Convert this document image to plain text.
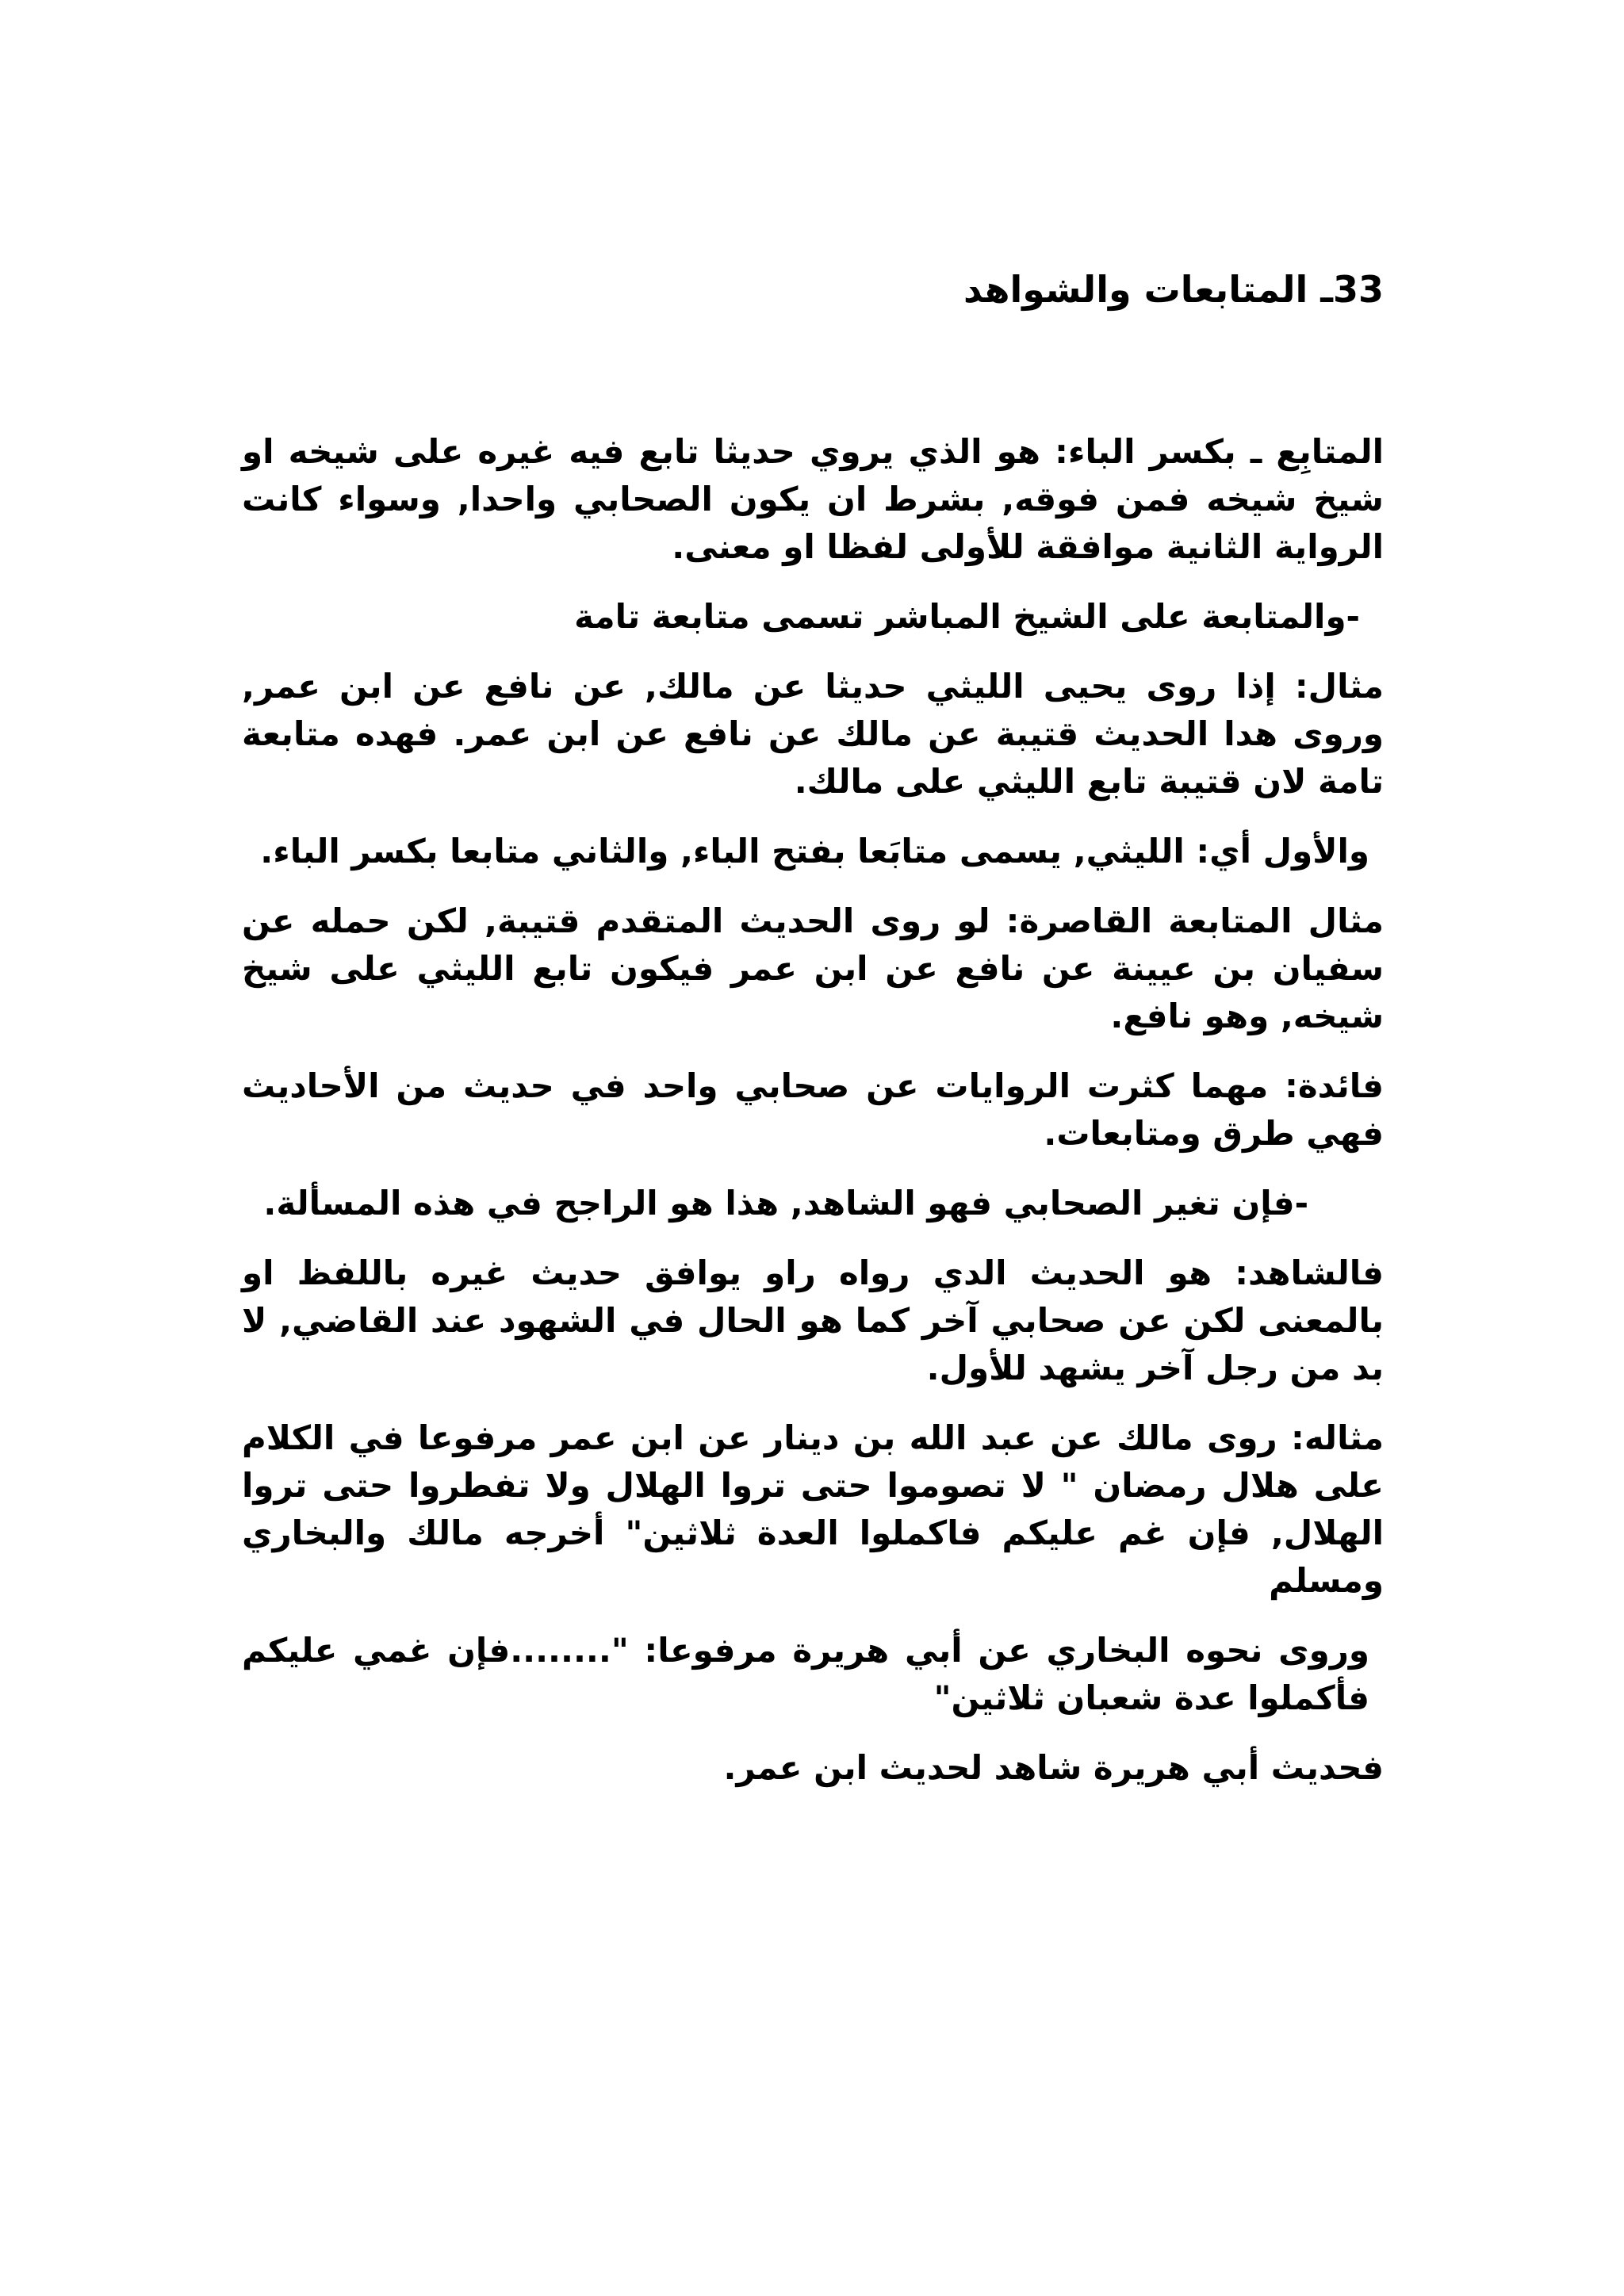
33ـ المتابعات والشواهد

المتابِع ـ بكسر الباء: هو الذي يروي حديثا تابع فيه غيره على شيخه او شيخ شيخه فمن فوقه, بشرط ان يكون الصحابي واحدا, وسواء كانت الرواية الثانية موافقة للأولى لفظا او معنى.

-والمتابعة على الشيخ المباشر تسمى متابعة تامة

مثال: إذا روى يحيى الليثي حديثا عن مالك, عن نافع عن ابن عمر, وروى هدا الحديث قتيبة عن مالك عن نافع عن ابن عمر. فهده متابعة تامة لان قتيبة تابع الليثي على مالك.

والأول أي: الليثي, يسمى متابَعا بفتح الباء, والثاني متابعا بكسر الباء.

مثال المتابعة القاصرة: لو روى الحديث المتقدم قتيبة, لكن حمله عن سفيان بن عيينة عن نافع عن ابن عمر فيكون تابع الليثي على شيخ شيخه, وهو نافع.

فائدة: مهما كثرت الروايات عن صحابي واحد في حديث من الأحاديث فهي طرق ومتابعات.

-فإن تغير الصحابي فهو الشاهد, هذا هو الراجح في هذه المسألة.

فالشاهد: هو الحديث الدي رواه راو يوافق حديث غيره باللفظ او بالمعنى لكن عن صحابي آخر كما هو الحال في الشهود عند القاضي, لا بد من رجل آخر يشهد للأول.

مثاله: روى مالك عن عبد الله بن دينار عن ابن عمر مرفوعا في الكلام على هلال رمضان " لا تصوموا حتى تروا الهلال ولا تفطروا حتى تروا الهلال, فإن غم عليكم فاكملوا العدة ثلاثين" أخرجه مالك والبخاري ومسلم

وروى نحوه البخاري عن أبي هريرة مرفوعا: "........فإن غمي عليكم فأكملوا عدة شعبان ثلاثين"

فحديث أبي هريرة شاهد لحديث ابن عمر.
